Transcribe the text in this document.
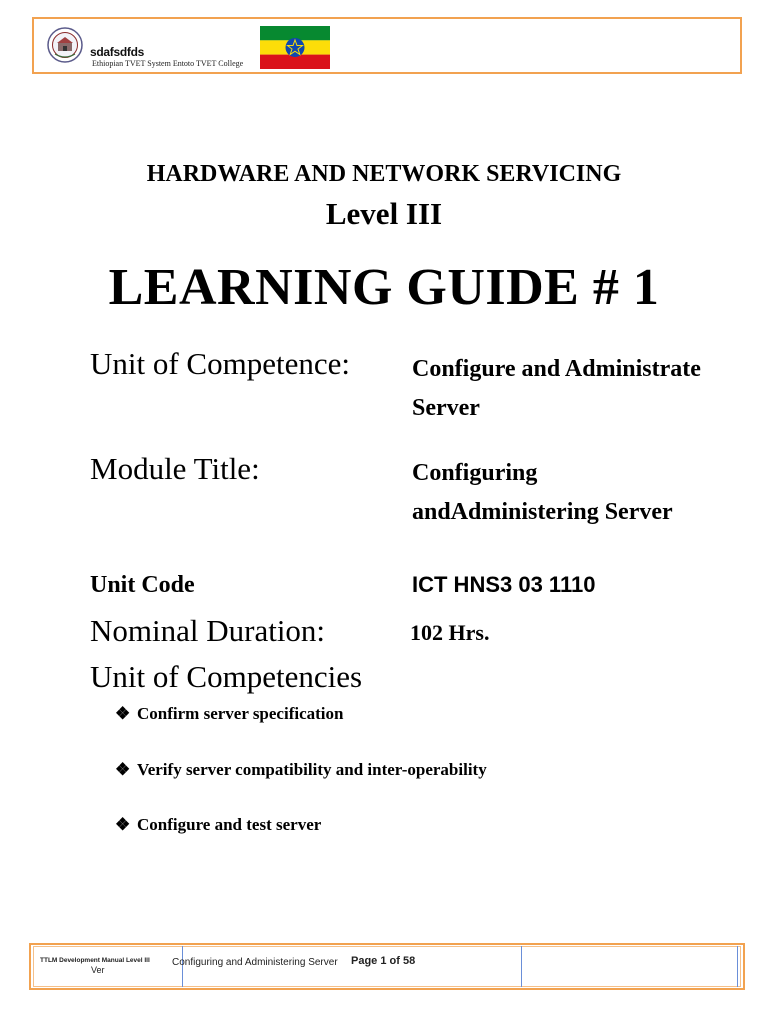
sdafsdfds
Ethiopian TVET System Entoto TVET College
HARDWARE AND NETWORK SERVICING
Level III
LEARNING GUIDE # 1
Unit of Competence:	Configure and Administrate Server
Module Title:	Configuring andAdministering Server
Unit Code	ICT HNS3 03 1110
Nominal Duration:	102 Hrs.
Unit of Competencies
❖ Confirm server specification
❖ Verify server compatibility and inter-operability
❖ Configure and test server
TTLM Development Manual Level III
Ver
Configuring and Administering Server Page 1 of 58
